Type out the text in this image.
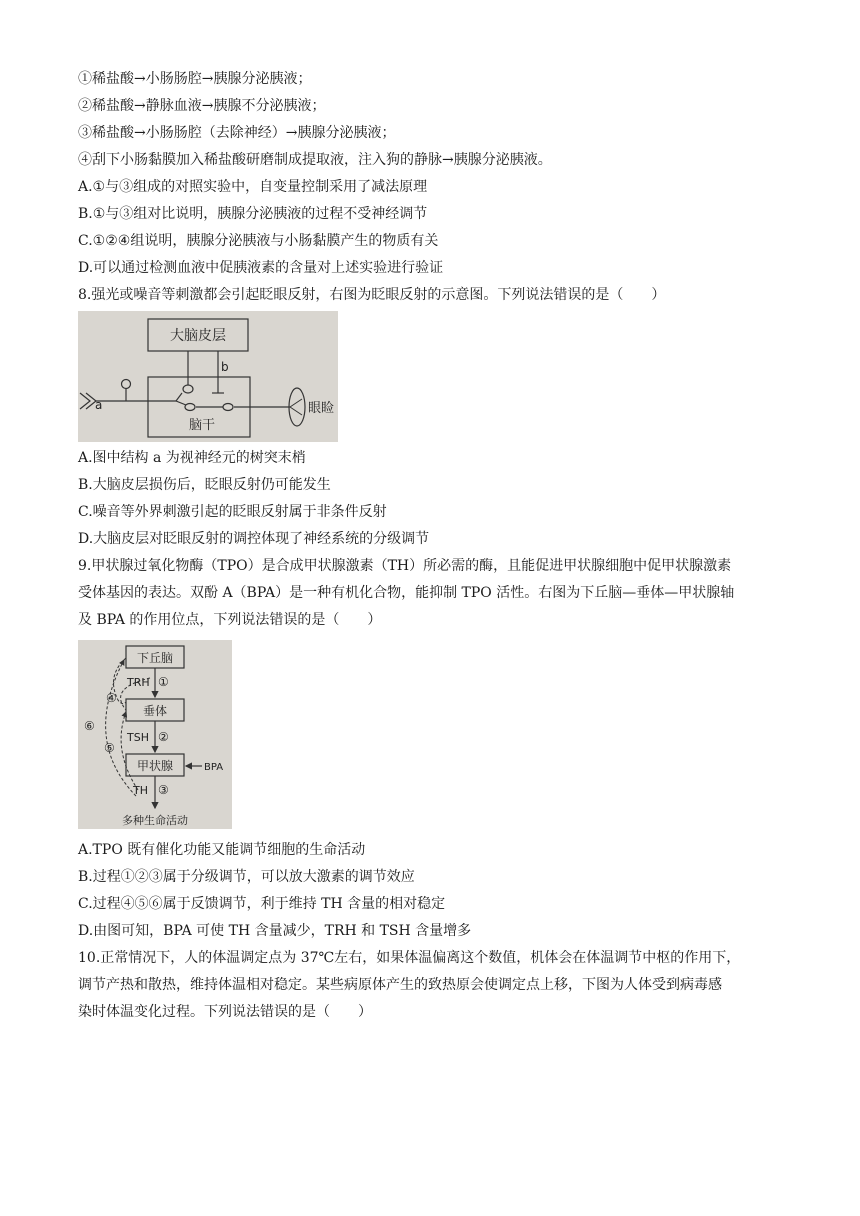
①稀盐酸→小肠肠腔→胰腺分泌胰液；
②稀盐酸→静脉血液→胰腺不分泌胰液；
③稀盐酸→小肠肠腔（去除神经）→胰腺分泌胰液；
④刮下小肠黏膜加入稀盐酸研磨制成提取液，注入狗的静脉→胰腺分泌胰液。
A.①与③组成的对照实验中，自变量控制采用了减法原理
B.①与③组对比说明，胰腺分泌胰液的过程不受神经调节
C.①②④组说明，胰腺分泌胰液与小肠黏膜产生的物质有关
D.可以通过检测血液中促胰液素的含量对上述实验进行验证
8.强光或噪音等刺激都会引起眨眼反射，右图为眨眼反射的示意图。下列说法错误的是（　　）
大脑皮层
脑干
b
a	眼睑
A.图中结构 a 为视神经元的树突末梢
B.大脑皮层损伤后，眨眼反射仍可能发生
C.噪音等外界刺激引起的眨眼反射属于非条件反射
D.大脑皮层对眨眼反射的调控体现了神经系统的分级调节
9.甲状腺过氧化物酶（TPO）是合成甲状腺激素（TH）所必需的酶，且能促进甲状腺细胞中促甲状腺激素
受体基因的表达。双酚 A（BPA）是一种有机化合物，能抑制 TPO 活性。右图为下丘脑—垂体—甲状腺轴
及 BPA 的作用位点，下列说法错误的是（　　）
下丘脑
垂体
甲状腺
TRH ①
TSH ②
TH ③
BPA
④
⑤
⑥
多种生命活动
A.TPO 既有催化功能又能调节细胞的生命活动
B.过程①②③属于分级调节，可以放大激素的调节效应
C.过程④⑤⑥属于反馈调节，利于维持 TH 含量的相对稳定
D.由图可知，BPA 可使 TH 含量减少，TRH 和 TSH 含量增多
10.正常情况下，人的体温调定点为 37℃左右，如果体温偏离这个数值，机体会在体温调节中枢的作用下，
调节产热和散热，维持体温相对稳定。某些病原体产生的致热原会使调定点上移，下图为人体受到病毒感
染时体温变化过程。下列说法错误的是（　　）
